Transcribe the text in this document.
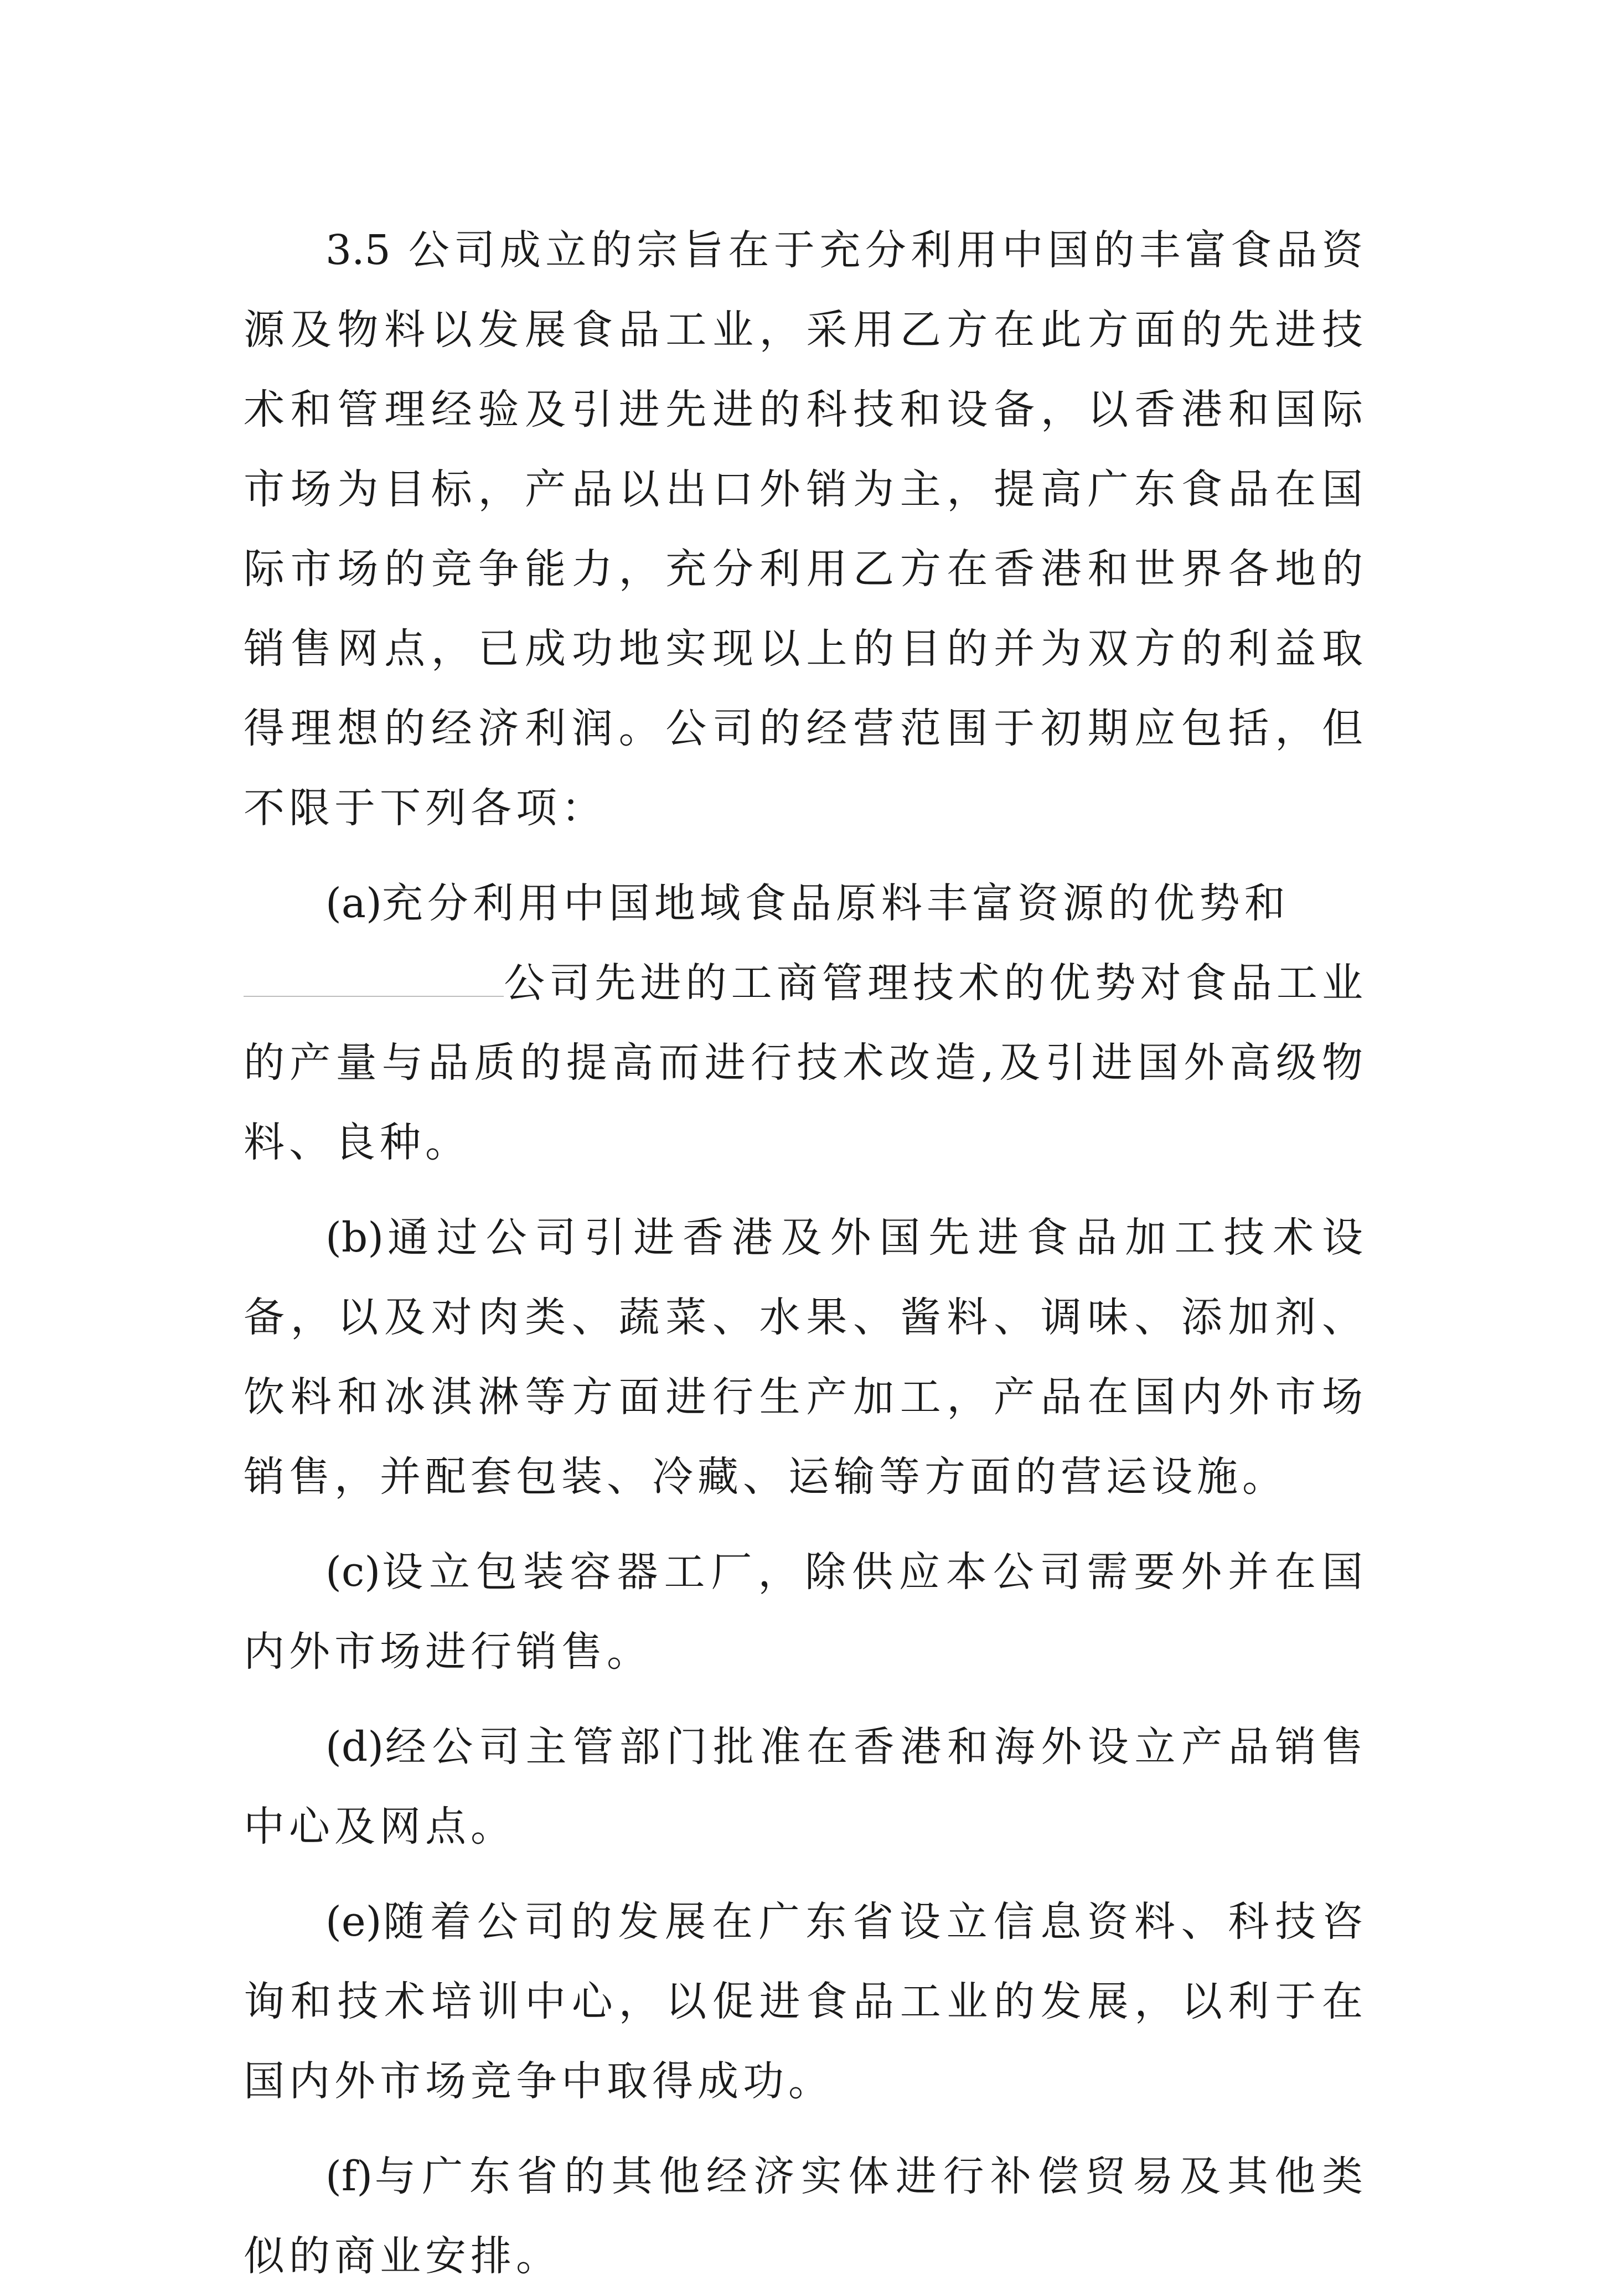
3.5 公司成立的宗旨在于充分利用中国的丰富食品资源及物料以发展食品工业，采用乙方在此方面的先进技术和管理经验及引进先进的科技和设备，以香港和国际市场为目标，产品以出口外销为主，提高广东食品在国际市场的竞争能力，充分利用乙方在香港和世界各地的销售网点，已成功地实现以上的目的并为双方的利益取得理想的经济利润。公司的经营范围于初期应包括，但不限于下列各项：

(a)充分利用中国地域食品原料丰富资源的优势和
公司先进的工商管理技术的优势对食品工业的产量与品质的提高而进行技术改造,及引进国外高级物料、良种。

(b)通过公司引进香港及外国先进食品加工技术设备，以及对肉类、蔬菜、水果、酱料、调味、添加剂、饮料和冰淇淋等方面进行生产加工，产品在国内外市场销售，并配套包装、冷藏、运输等方面的营运设施。

(c)设立包装容器工厂，除供应本公司需要外并在国内外市场进行销售。

(d)经公司主管部门批准在香港和海外设立产品销售中心及网点。

(e)随着公司的发展在广东省设立信息资料、科技咨询和技术培训中心，以促进食品工业的发展，以利于在国内外市场竞争中取得成功。

(f)与广东省的其他经济实体进行补偿贸易及其他类似的商业安排。
